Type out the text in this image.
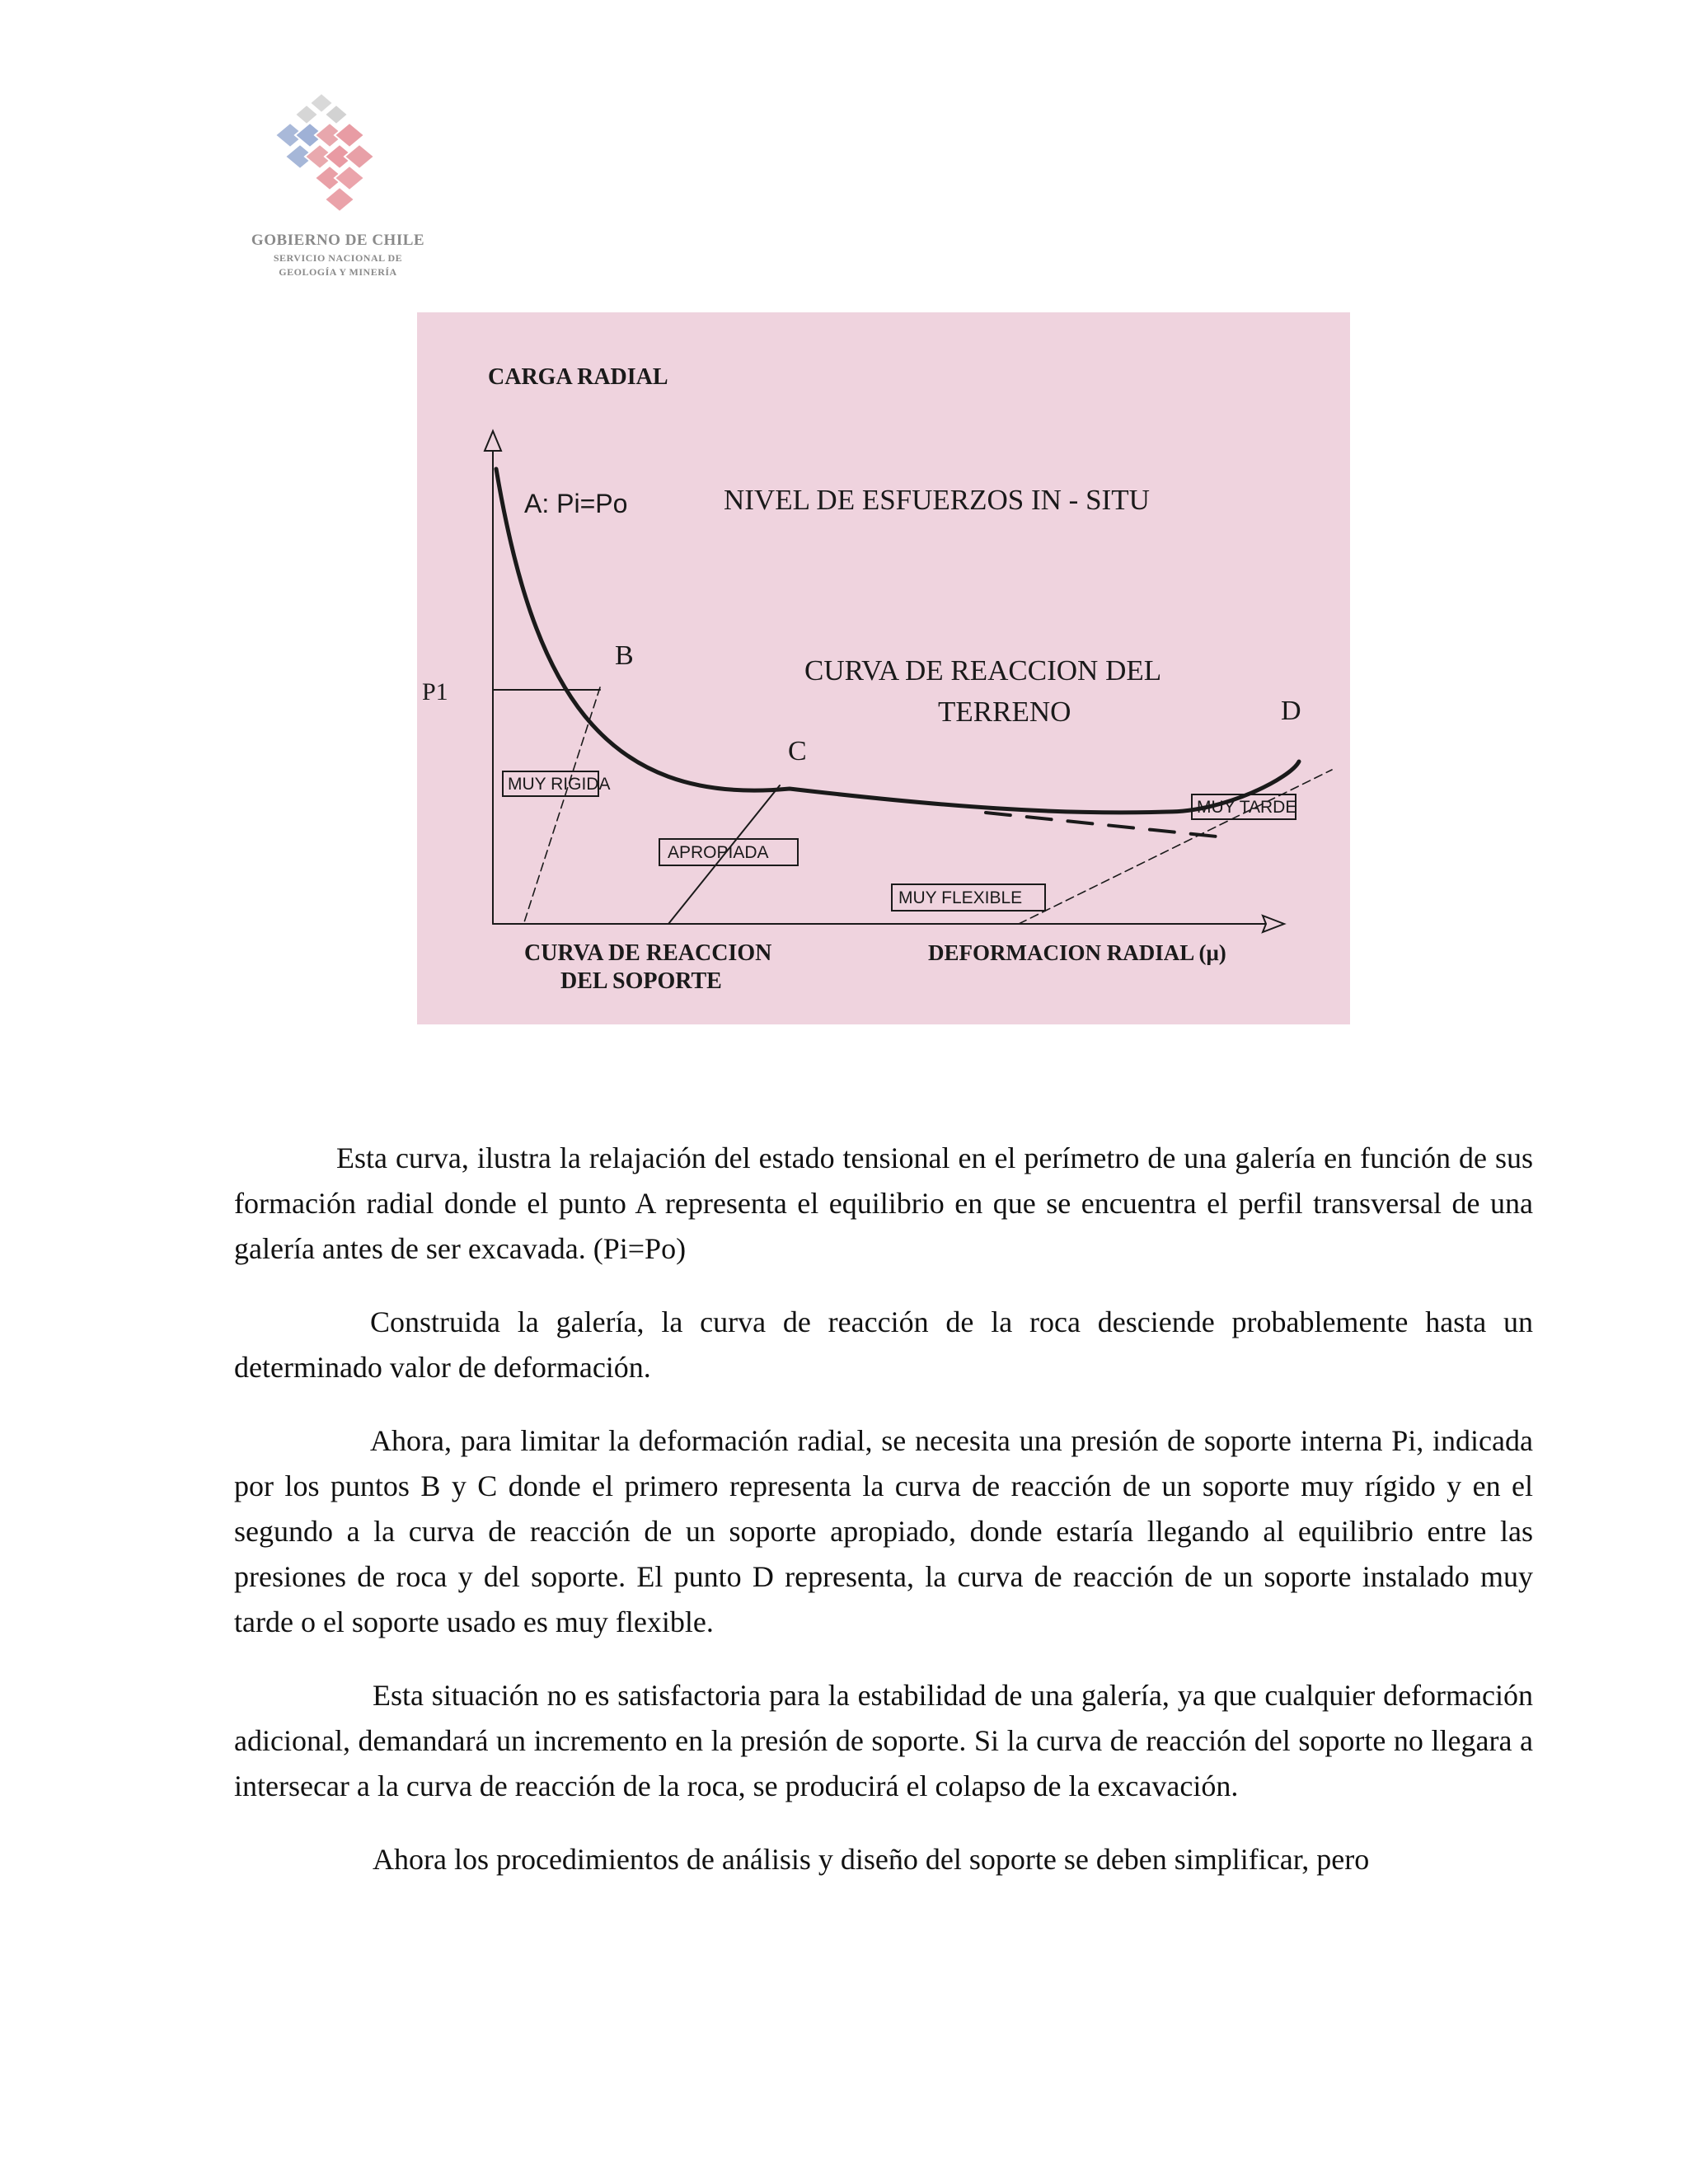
GOBIERNO DE CHILE
SERVICIO NACIONAL DE
GEOLOGÍA Y MINERÍA
CARGA RADIAL
A: Pi=Po	NIVEL DE ESFUERZOS IN - SITU
P1
B	CURVA DE REACCION DEL
TERRENO	D
C
CURVA DE REACCION
DEL SOPORTE
DEFORMACION RADIAL (μ)
MUY RIGIDA
MUY TARDE
APROPIADA
MUY FLEXIBLE

Esta curva, ilustra la relajación del estado tensional en el perímetro de una galería en función de sus formación radial donde el punto A representa el equilibrio en que se encuentra el perfil transversal de una galería antes de ser excavada. (Pi=Po)

Construida la galería, la curva de reacción de la roca desciende probablemente hasta un determinado valor de deformación.

Ahora, para limitar la deformación radial, se necesita una presión de soporte interna Pi, indicada por los puntos B y C donde el primero representa la curva de reacción de un soporte muy rígido y en el segundo a la curva de reacción de un soporte apropiado, donde estaría llegando al equilibrio entre las presiones de roca y del soporte. El punto D representa, la curva de reacción de un soporte instalado muy tarde o el soporte usado es muy flexible.

Esta situación no es satisfactoria para la estabilidad de una galería, ya que cualquier deformación adicional, demandará un incremento en la presión de soporte. Si la curva de reacción del soporte no llegara a intersecar a la curva de reacción de la roca, se producirá el colapso de la excavación.

Ahora los procedimientos de análisis y diseño del soporte se deben simplificar, pero
